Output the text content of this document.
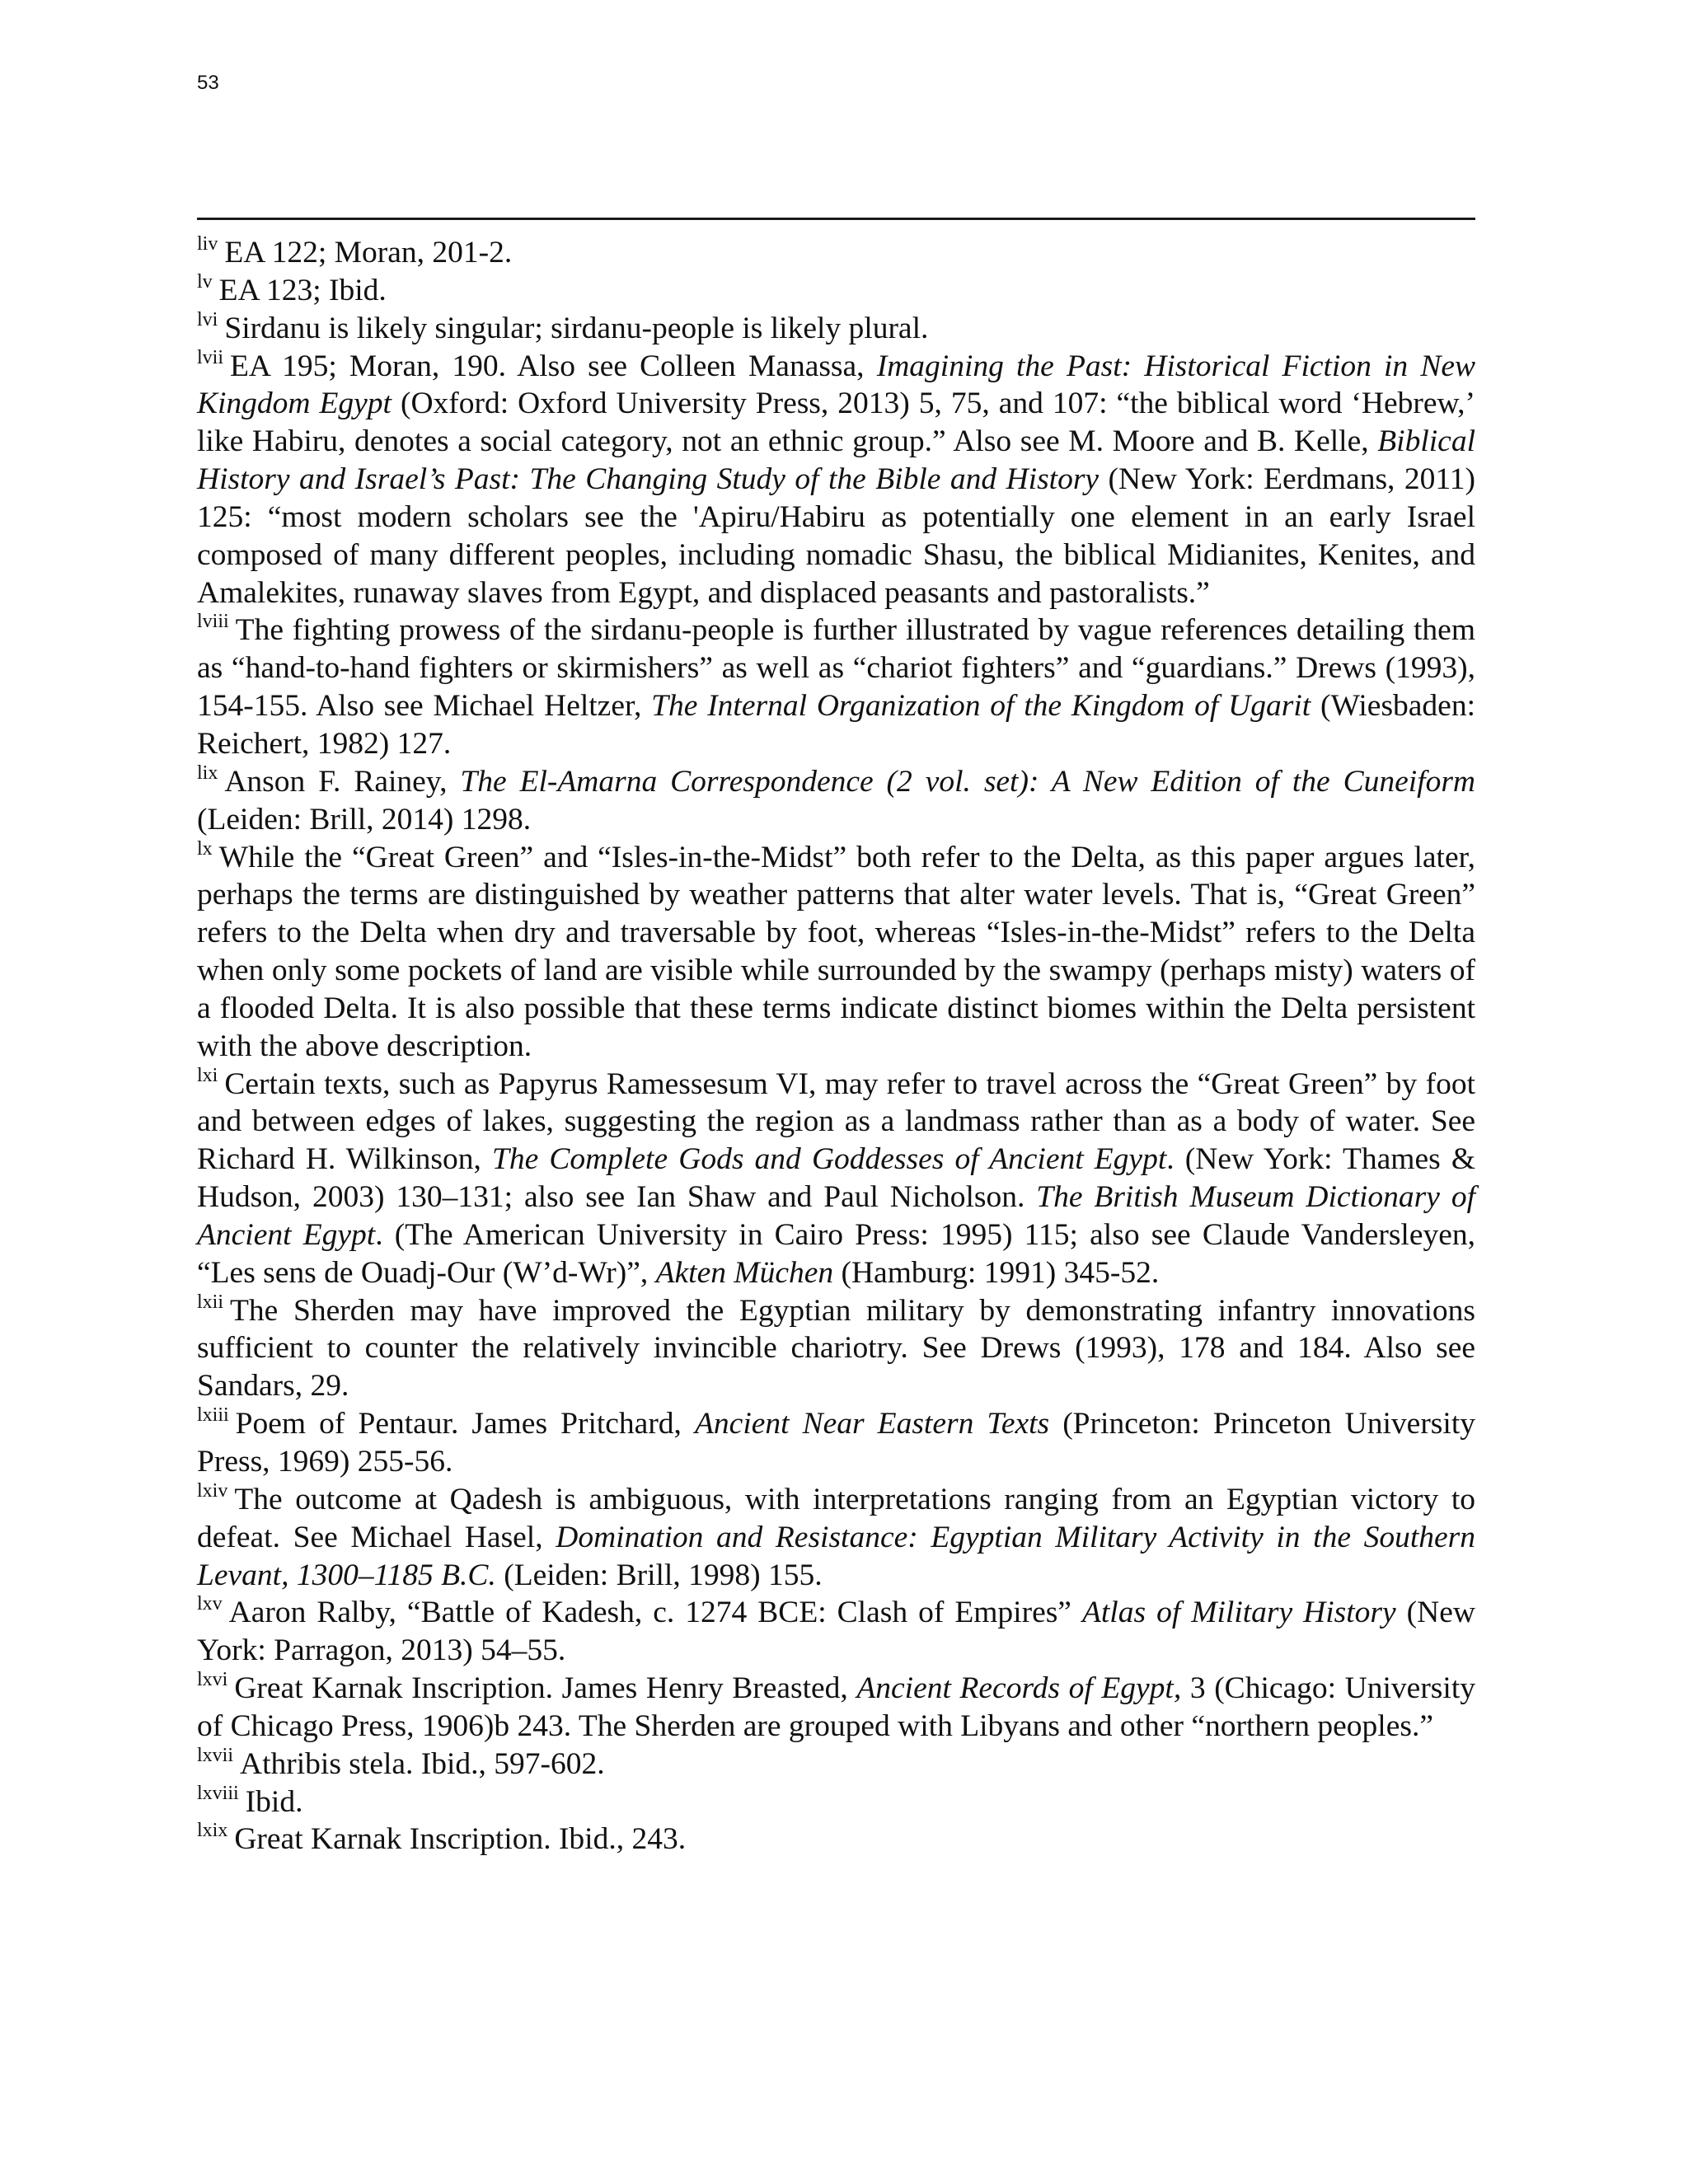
53

$^{liv}$ EA 122; Moran, 201-2.

$^{lv}$ EA 123; Ibid.

$^{lvi}$ Sirdanu is likely singular; sirdanu-people is likely plural.

$^{lvii}$ EA 195; Moran, 190. Also see Colleen Manassa, Imagining the Past: Historical Fiction in New Kingdom Egypt (Oxford: Oxford University Press, 2013) 5, 75, and 107: “the biblical word ‘Hebrew,’ like Habiru, denotes a social category, not an ethnic group.” Also see M. Moore and B. Kelle, Biblical History and Israel’s Past: The Changing Study of the Bible and History (New York: Eerdmans, 2011) 125: “most modern scholars see the 'Apiru/Habiru as potentially one element in an early Israel composed of many different peoples, including nomadic Shasu, the biblical Midianites, Kenites, and Amalekites, runaway slaves from Egypt, and displaced peasants and pastoralists.”

$^{lviii}$ The fighting prowess of the sirdanu-people is further illustrated by vague references detailing them as “hand-to-hand fighters or skirmishers” as well as “chariot fighters” and “guardians.” Drews (1993), 154-155. Also see Michael Heltzer, The Internal Organization of the Kingdom of Ugarit (Wiesbaden: Reichert, 1982) 127.

$^{lix}$ Anson F. Rainey, The El-Amarna Correspondence (2 vol. set): A New Edition of the Cuneiform (Leiden: Brill, 2014) 1298.

$^{lx}$ While the “Great Green” and “Isles-in-the-Midst” both refer to the Delta, as this paper argues later, perhaps the terms are distinguished by weather patterns that alter water levels. That is, “Great Green” refers to the Delta when dry and traversable by foot, whereas “Isles-in-the-Midst” refers to the Delta when only some pockets of land are visible while surrounded by the swampy (perhaps misty) waters of a flooded Delta. It is also possible that these terms indicate distinct biomes within the Delta persistent with the above description.

$^{lxi}$ Certain texts, such as Papyrus Ramessesum VI, may refer to travel across the “Great Green” by foot and between edges of lakes, suggesting the region as a landmass rather than as a body of water. See Richard H. Wilkinson, The Complete Gods and Goddesses of Ancient Egypt. (New York: Thames & Hudson, 2003) 130–131; also see Ian Shaw and Paul Nicholson. The British Museum Dictionary of Ancient Egypt. (The American University in Cairo Press: 1995) 115; also see Claude Vandersleyen, “Les sens de Ouadj-Our (W’d-Wr)”, Akten Müchen (Hamburg: 1991) 345-52.

$^{lxii}$ The Sherden may have improved the Egyptian military by demonstrating infantry innovations sufficient to counter the relatively invincible chariotry. See Drews (1993), 178 and 184. Also see Sandars, 29.

$^{lxiii}$ Poem of Pentaur. James Pritchard, Ancient Near Eastern Texts (Princeton: Princeton University Press, 1969) 255-56.

$^{lxiv}$ The outcome at Qadesh is ambiguous, with interpretations ranging from an Egyptian victory to defeat. See Michael Hasel, Domination and Resistance: Egyptian Military Activity in the Southern Levant, 1300–1185 B.C. (Leiden: Brill, 1998) 155.

$^{lxv}$ Aaron Ralby, “Battle of Kadesh, c. 1274 BCE: Clash of Empires” Atlas of Military History (New York: Parragon, 2013) 54–55.

$^{lxvi}$ Great Karnak Inscription. James Henry Breasted, Ancient Records of Egypt, 3 (Chicago: University of Chicago Press, 1906)b 243. The Sherden are grouped with Libyans and other “northern peoples.”

$^{lxvii}$ Athribis stela. Ibid., 597-602.

$^{lxviii}$ Ibid.

$^{lxix}$ Great Karnak Inscription. Ibid., 243.
